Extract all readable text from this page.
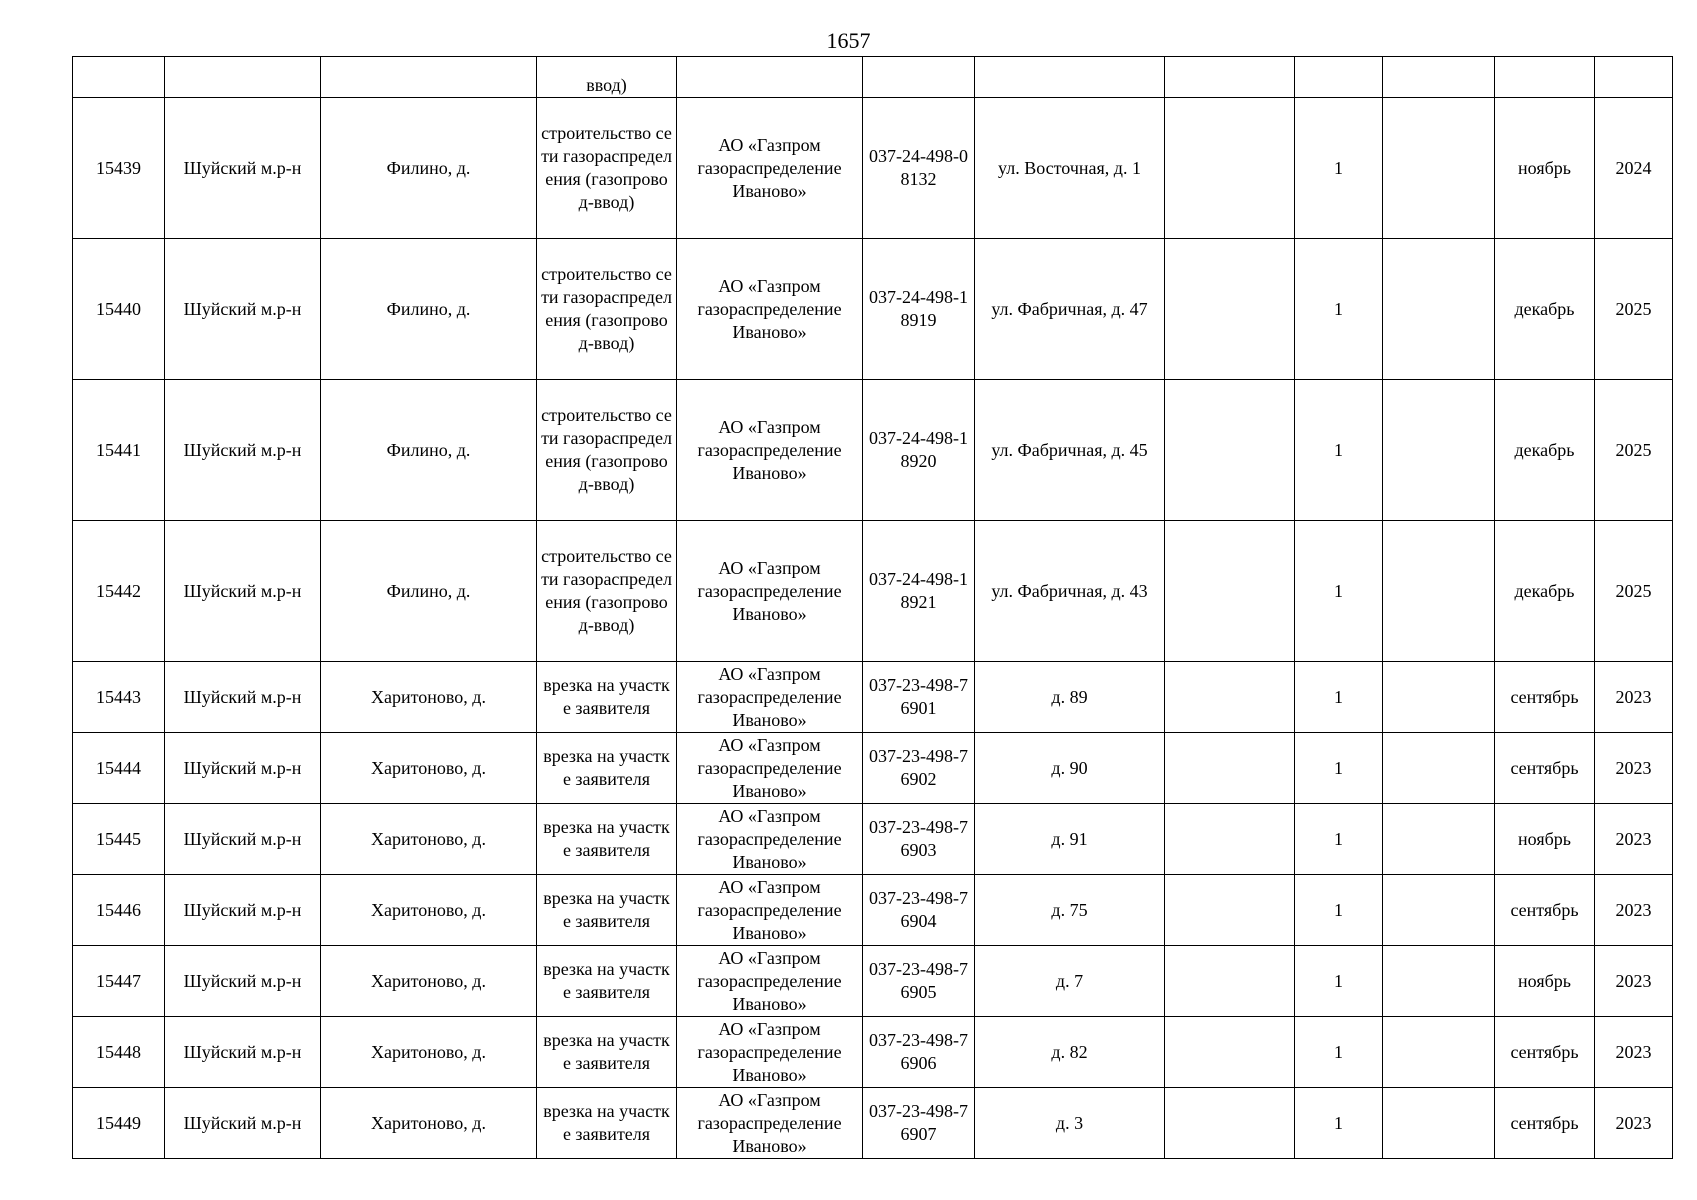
1657
			ввод)								
15439	Шуйский м.р-н	Филино, д.	строительство сети газораспределения (газопровод-ввод)	АО «Газпром газораспределение Иваново»	037-24-498-08132	ул. Восточная, д. 1		1		ноябрь	2024
15440	Шуйский м.р-н	Филино, д.	строительство сети газораспределения (газопровод-ввод)	АО «Газпром газораспределение Иваново»	037-24-498-18919	ул. Фабричная, д. 47		1		декабрь	2025
15441	Шуйский м.р-н	Филино, д.	строительство сети газораспределения (газопровод-ввод)	АО «Газпром газораспределение Иваново»	037-24-498-18920	ул. Фабричная, д. 45		1		декабрь	2025
15442	Шуйский м.р-н	Филино, д.	строительство сети газораспределения (газопровод-ввод)	АО «Газпром газораспределение Иваново»	037-24-498-18921	ул. Фабричная, д. 43		1		декабрь	2025
15443	Шуйский м.р-н	Харитоново, д.	врезка на участке заявителя	АО «Газпром газораспределение Иваново»	037-23-498-76901	д. 89		1		сентябрь	2023
15444	Шуйский м.р-н	Харитоново, д.	врезка на участке заявителя	АО «Газпром газораспределение Иваново»	037-23-498-76902	д. 90		1		сентябрь	2023
15445	Шуйский м.р-н	Харитоново, д.	врезка на участке заявителя	АО «Газпром газораспределение Иваново»	037-23-498-76903	д. 91		1		ноябрь	2023
15446	Шуйский м.р-н	Харитоново, д.	врезка на участке заявителя	АО «Газпром газораспределение Иваново»	037-23-498-76904	д. 75		1		сентябрь	2023
15447	Шуйский м.р-н	Харитоново, д.	врезка на участке заявителя	АО «Газпром газораспределение Иваново»	037-23-498-76905	д. 7		1		ноябрь	2023
15448	Шуйский м.р-н	Харитоново, д.	врезка на участке заявителя	АО «Газпром газораспределение Иваново»	037-23-498-76906	д. 82		1		сентябрь	2023
15449	Шуйский м.р-н	Харитоново, д.	врезка на участке заявителя	АО «Газпром газораспределение Иваново»	037-23-498-76907	д. 3		1		сентябрь	2023
